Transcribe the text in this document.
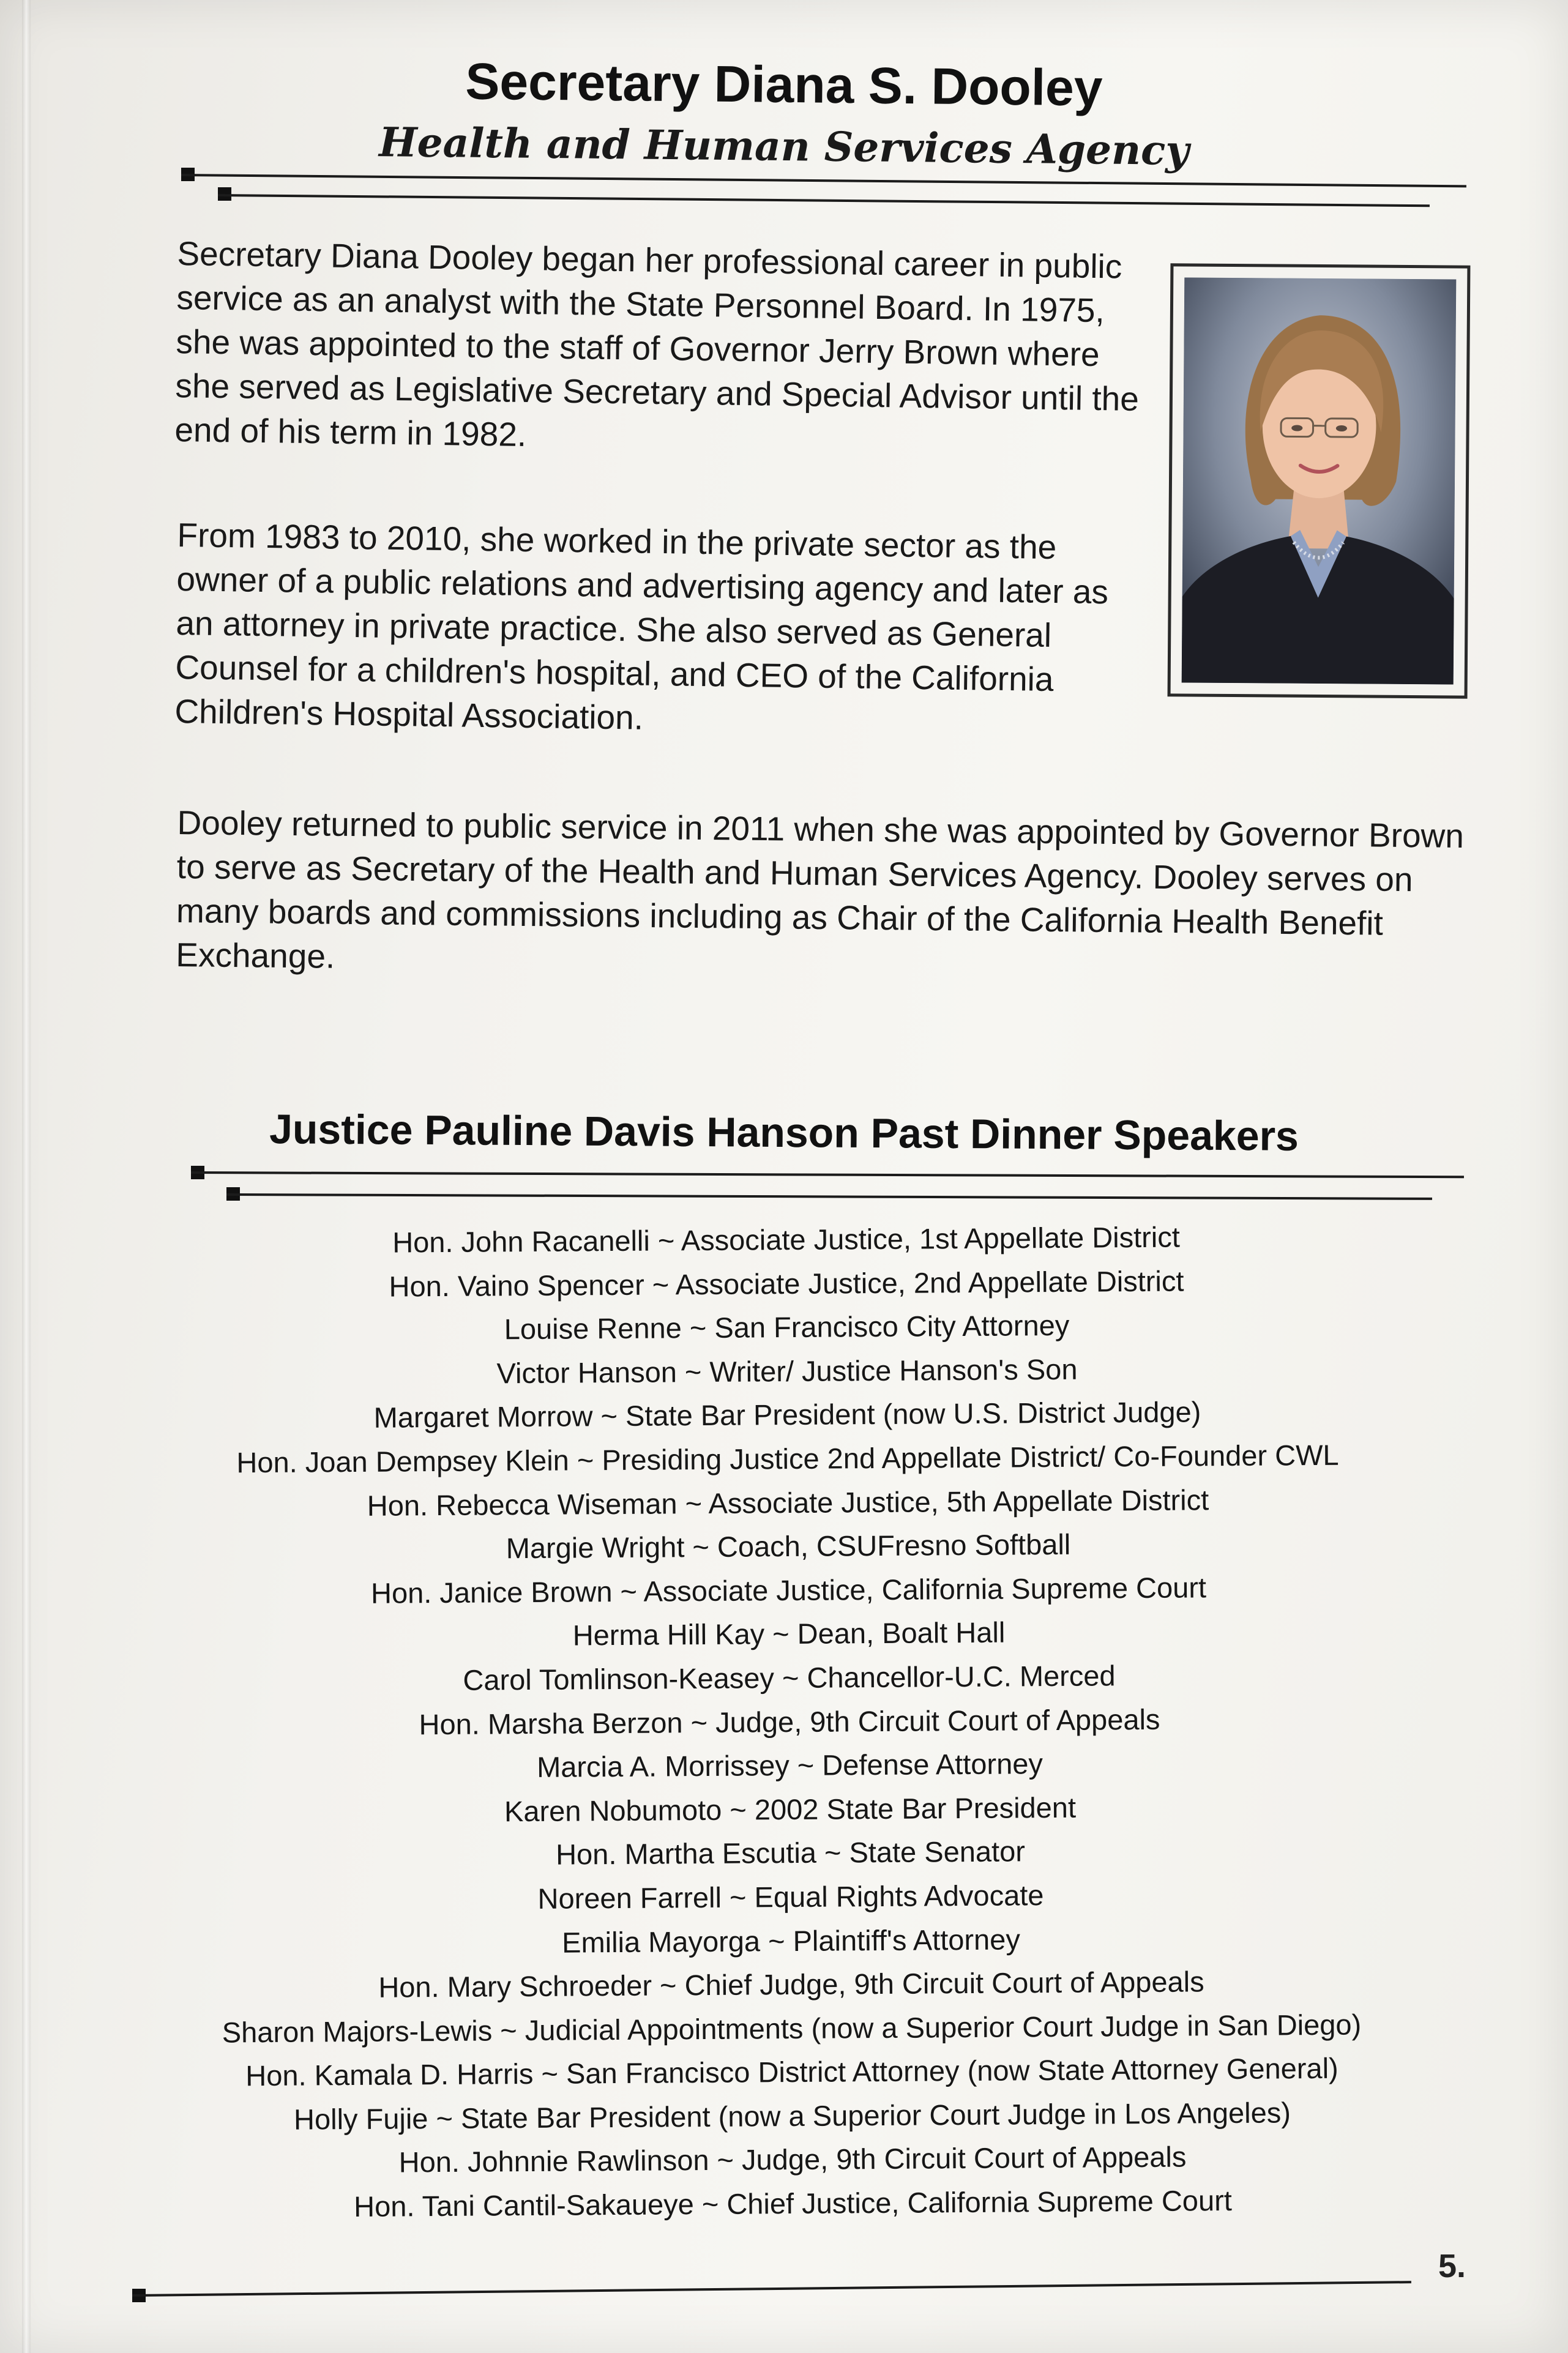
Secretary Diana S. Dooley
Health and Human Services Agency

Secretary Diana Dooley began her professional career in public service as an analyst with the State Personnel Board. In 1975, she was appointed to the staff of Governor Jerry Brown where she served as Legislative Secretary and Special Advisor until the end of his term in 1982.

From 1983 to 2010, she worked in the private sector as the owner of a public relations and advertising agency and later as an attorney in private practice. She also served as General Counsel for a children's hospital, and CEO of the California Children's Hospital Association.

Dooley returned to public service in 2011 when she was appointed by Governor Brown to serve as Secretary of the Health and Human Services Agency. Dooley serves on many boards and commissions including as Chair of the California Health Benefit Exchange.

Justice Pauline Davis Hanson Past Dinner Speakers
Hon. John Racanelli ~ Associate Justice, 1st Appellate District
Hon. Vaino Spencer ~ Associate Justice, 2nd Appellate District
Louise Renne ~ San Francisco City Attorney
Victor Hanson ~ Writer/ Justice Hanson's Son
Margaret Morrow ~ State Bar President (now U.S. District Judge)
Hon. Joan Dempsey Klein ~ Presiding Justice 2nd Appellate District/ Co-Founder CWL
Hon. Rebecca Wiseman ~ Associate Justice, 5th Appellate District
Margie Wright ~ Coach, CSUFresno Softball
Hon. Janice Brown ~ Associate Justice, California Supreme Court
Herma Hill Kay ~ Dean, Boalt Hall
Carol Tomlinson-Keasey ~ Chancellor-U.C. Merced
Hon. Marsha Berzon ~ Judge, 9th Circuit Court of Appeals
Marcia A. Morrissey ~ Defense Attorney
Karen Nobumoto ~ 2002 State Bar President
Hon. Martha Escutia ~ State Senator
Noreen Farrell ~ Equal Rights Advocate
Emilia Mayorga ~ Plaintiff's Attorney
Hon. Mary Schroeder ~ Chief Judge, 9th Circuit Court of Appeals
Sharon Majors-Lewis ~ Judicial Appointments (now a Superior Court Judge in San Diego)
Hon. Kamala D. Harris ~ San Francisco District Attorney (now State Attorney General)
Holly Fujie ~ State Bar President (now a Superior Court Judge in Los Angeles)
Hon. Johnnie Rawlinson ~ Judge, 9th Circuit Court of Appeals
Hon. Tani Cantil-Sakaueye ~ Chief Justice, California Supreme Court
5.
